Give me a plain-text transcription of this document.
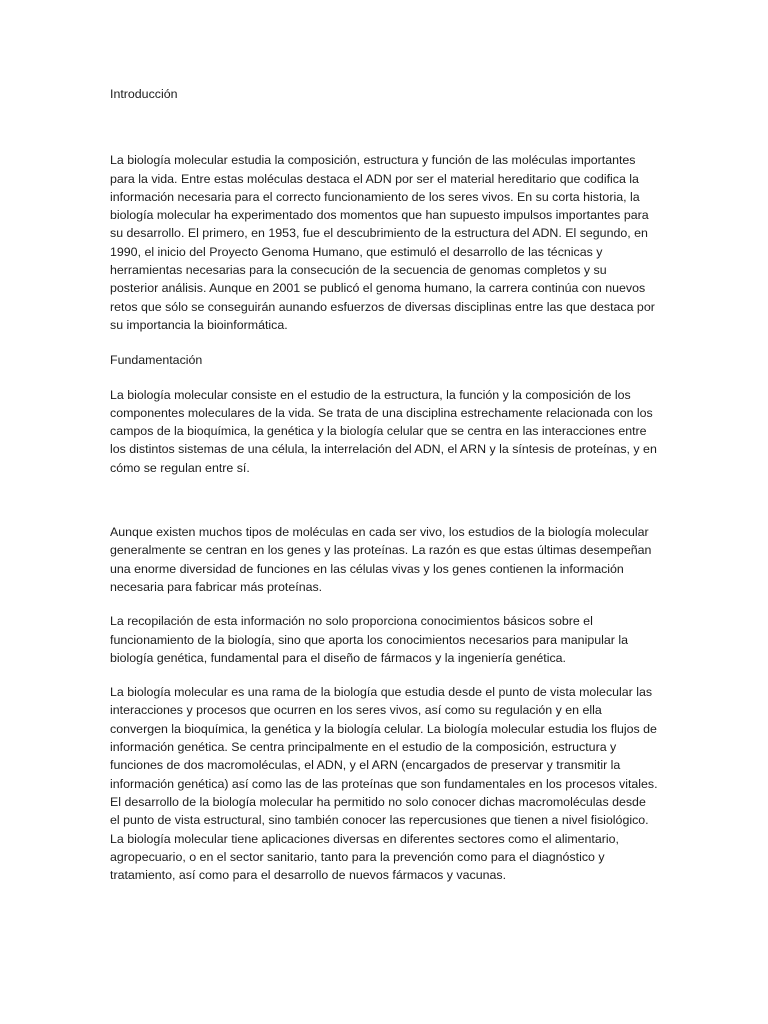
Introducción

La biología molecular estudia la composición, estructura y función de las moléculas importantes para la vida. Entre estas moléculas destaca el ADN por ser el material hereditario que codifica la información necesaria para el correcto funcionamiento de los seres vivos. En su corta historia, la biología molecular ha experimentado dos momentos que han supuesto impulsos importantes para su desarrollo. El primero, en 1953, fue el descubrimiento de la estructura del ADN. El segundo, en 1990, el inicio del Proyecto Genoma Humano, que estimuló el desarrollo de las técnicas y herramientas necesarias para la consecución de la secuencia de genomas completos y su posterior análisis. Aunque en 2001 se publicó el genoma humano, la carrera continúa con nuevos retos que sólo se conseguirán aunando esfuerzos de diversas disciplinas entre las que destaca por su importancia la bioinformática.

Fundamentación

La biología molecular consiste en el estudio de la estructura, la función y la composición de los componentes moleculares de la vida. Se trata de una disciplina estrechamente relacionada con los campos de la bioquímica, la genética y la biología celular que se centra en las interacciones entre los distintos sistemas de una célula, la interrelación del ADN, el ARN y la síntesis de proteínas, y en cómo se regulan entre sí.

Aunque existen muchos tipos de moléculas en cada ser vivo, los estudios de la biología molecular generalmente se centran en los genes y las proteínas. La razón es que estas últimas desempeñan una enorme diversidad de funciones en las células vivas y los genes contienen la información necesaria para fabricar más proteínas.

La recopilación de esta información no solo proporciona conocimientos básicos sobre el funcionamiento de la biología, sino que aporta los conocimientos necesarios para manipular la biología genética, fundamental para el diseño de fármacos y la ingeniería genética.

La biología molecular es una rama de la biología que estudia desde el punto de vista molecular las interacciones y procesos que ocurren en los seres vivos, así como su regulación y en ella convergen la bioquímica, la genética y la biología celular. La biología molecular estudia los flujos de información genética. Se centra principalmente en el estudio de la composición, estructura y funciones de dos macromoléculas, el ADN, y el ARN (encargados de preservar y transmitir la información genética) así como las de las proteínas que son fundamentales en los procesos vitales. El desarrollo de la biología molecular ha permitido no solo conocer dichas macromoléculas desde el punto de vista estructural, sino también conocer las repercusiones que tienen a nivel fisiológico. La biología molecular tiene aplicaciones diversas en diferentes sectores como el alimentario, agropecuario, o en el sector sanitario, tanto para la prevención como para el diagnóstico y tratamiento, así como para el desarrollo de nuevos fármacos y vacunas.
